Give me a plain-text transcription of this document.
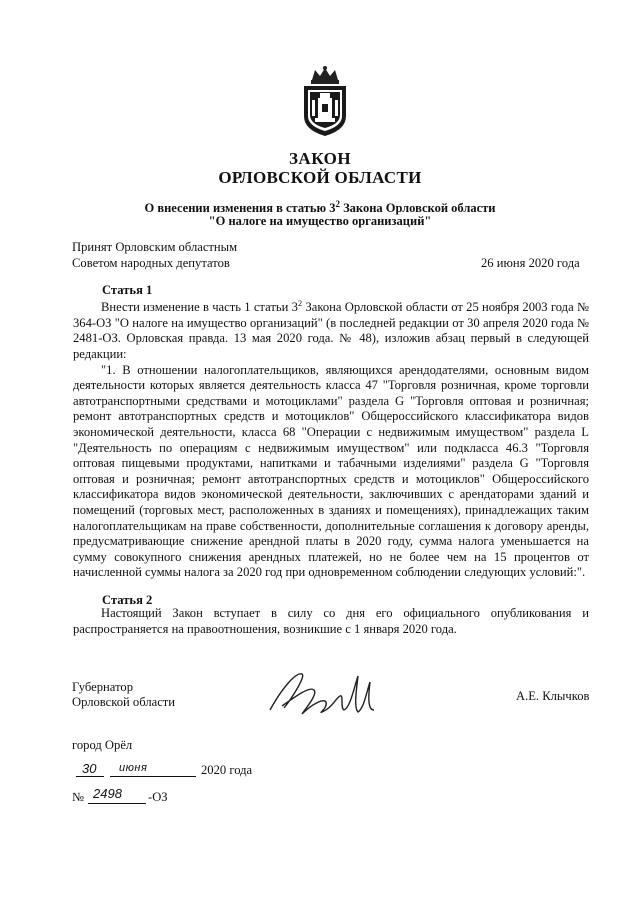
ЗАКОН
ОРЛОВСКОЙ ОБЛАСТИ
О внесении изменения в статью $3^2$ Закона Орловской области
"О налоге на имущество организаций"
Принят Орловским областным
Советом народных депутатов	26 июня 2020 года
Статья 1

Внести изменение в часть 1 статьи $3^2$ Закона Орловской области от 25 ноября 2003 года № 364-ОЗ "О налоге на имущество организаций" (в последней редакции от 30 апреля 2020 года № 2481-ОЗ. Орловская правда. 13 мая 2020 года. № 48), изложив абзац первый в следующей редакции:

"1. В отношении налогоплательщиков, являющихся арендодателями, основным видом деятельности которых является деятельность класса 47 "Торговля розничная, кроме торговли автотранспортными средствами и мотоциклами" раздела G "Торговля оптовая и розничная; ремонт автотранспортных средств и мотоциклов" Общероссийского классификатора видов экономической деятельности, класса 68 "Операции с недвижимым имуществом" раздела L "Деятельность по операциям с недвижимым имуществом" или подкласса 46.3 "Торговля оптовая пищевыми продуктами, напитками и табачными изделиями" раздела G "Торговля оптовая и розничная; ремонт автотранспортных средств и мотоциклов" Общероссийского классификатора видов экономической деятельности, заключивших с арендаторами зданий и помещений (торговых мест, расположенных в зданиях и помещениях), принадлежащих таким налогоплательщикам на праве собственности, дополнительные соглашения к договору аренды, предусматривающие снижение арендной платы в 2020 году, сумма налога уменьшается на сумму совокупного снижения арендных платежей, но не более чем на 15 процентов от начисленной суммы налога за 2020 год при одновременном соблюдении следующих условий:".

Статья 2

Настоящий Закон вступает в силу со дня его официального опубликования и распространяется на правоотношения, возникшие с 1 января 2020 года.

Губернатор
Орловской области	А.Е. Клычков
город Орёл
30 июня	2020 года
№ 2498 -ОЗ
